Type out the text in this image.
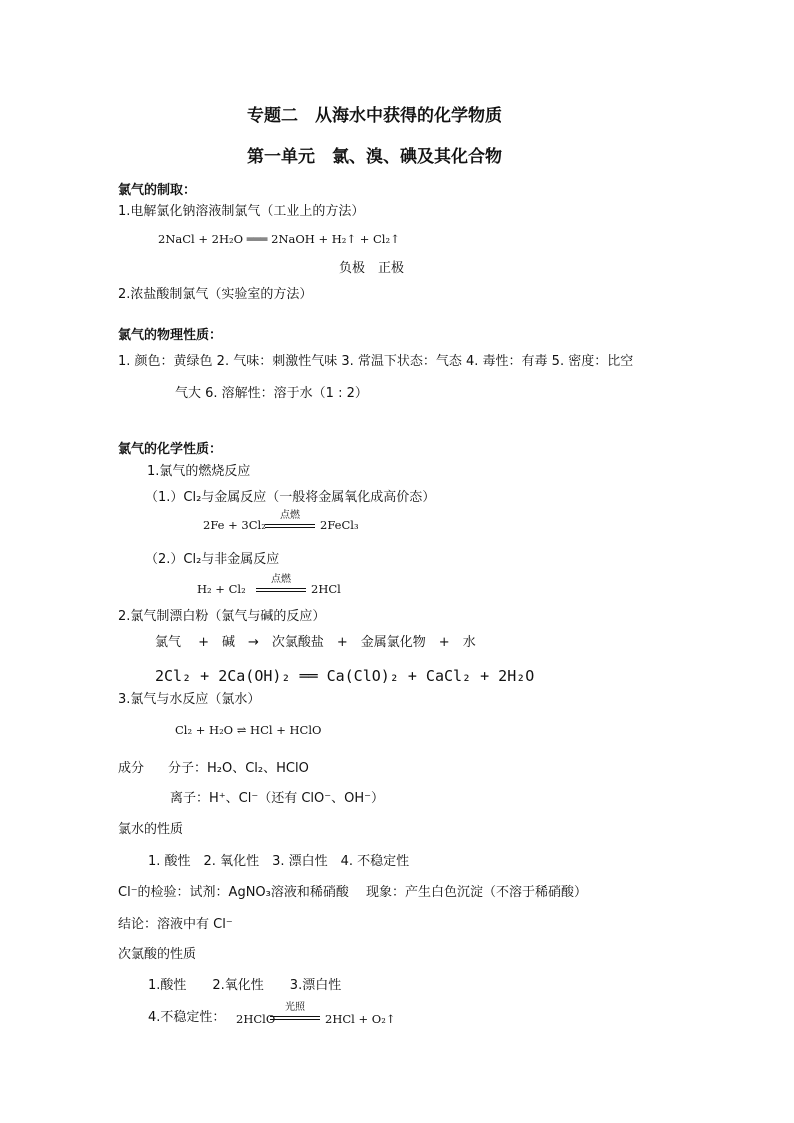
专题二　从海水中获得的化学物质
第一单元　氯、溴、碘及其化合物
氯气的制取：
1.电解氯化钠溶液制氯气（工业上的方法）
2NaCl + 2H₂O ═══ 2NaOH + H₂↑ + Cl₂↑
负极　正极
2.浓盐酸制氯气（实验室的方法）
氯气的物理性质：
1. 颜色：黄绿色 2. 气味：刺激性气味 3. 常温下状态：气态 4. 毒性：有毒 5. 密度：比空
气大 6. 溶解性：溶于水（1 : 2）
氯气的化学性质：
1.氯气的燃烧反应
（1.）Cl₂与金属反应（一般将金属氧化成高价态）
2Fe + 3Cl₂
点燃
2FeCl₃
（2.）Cl₂与非金属反应
H₂ + Cl₂
点燃
2HCl
2.氯气制漂白粉（氯气与碱的反应）
氯气　 +　碱　→　次氯酸盐　+　金属氯化物　+　水
2Cl₂ + 2Ca(OH)₂ ══ Ca(ClO)₂ + CaCl₂ + 2H₂O
3.氯气与水反应（氯水）
Cl₂ + H₂O ⇌ HCl + HClO
成分 分子：H₂O、Cl₂、HClO
离子：H⁺、Cl⁻（还有 ClO⁻、OH⁻）
氯水的性质
1. 酸性　2. 氧化性　3. 漂白性　4. 不稳定性
Cl⁻的检验：试剂：AgNO₃溶液和稀硝酸　 现象：产生白色沉淀（不溶于稀硝酸）
结论：溶液中有 Cl⁻
次氯酸的性质
1.酸性　　2.氧化性　　3.漂白性
4.不稳定性： 2HClO
光照
2HCl + O₂↑
